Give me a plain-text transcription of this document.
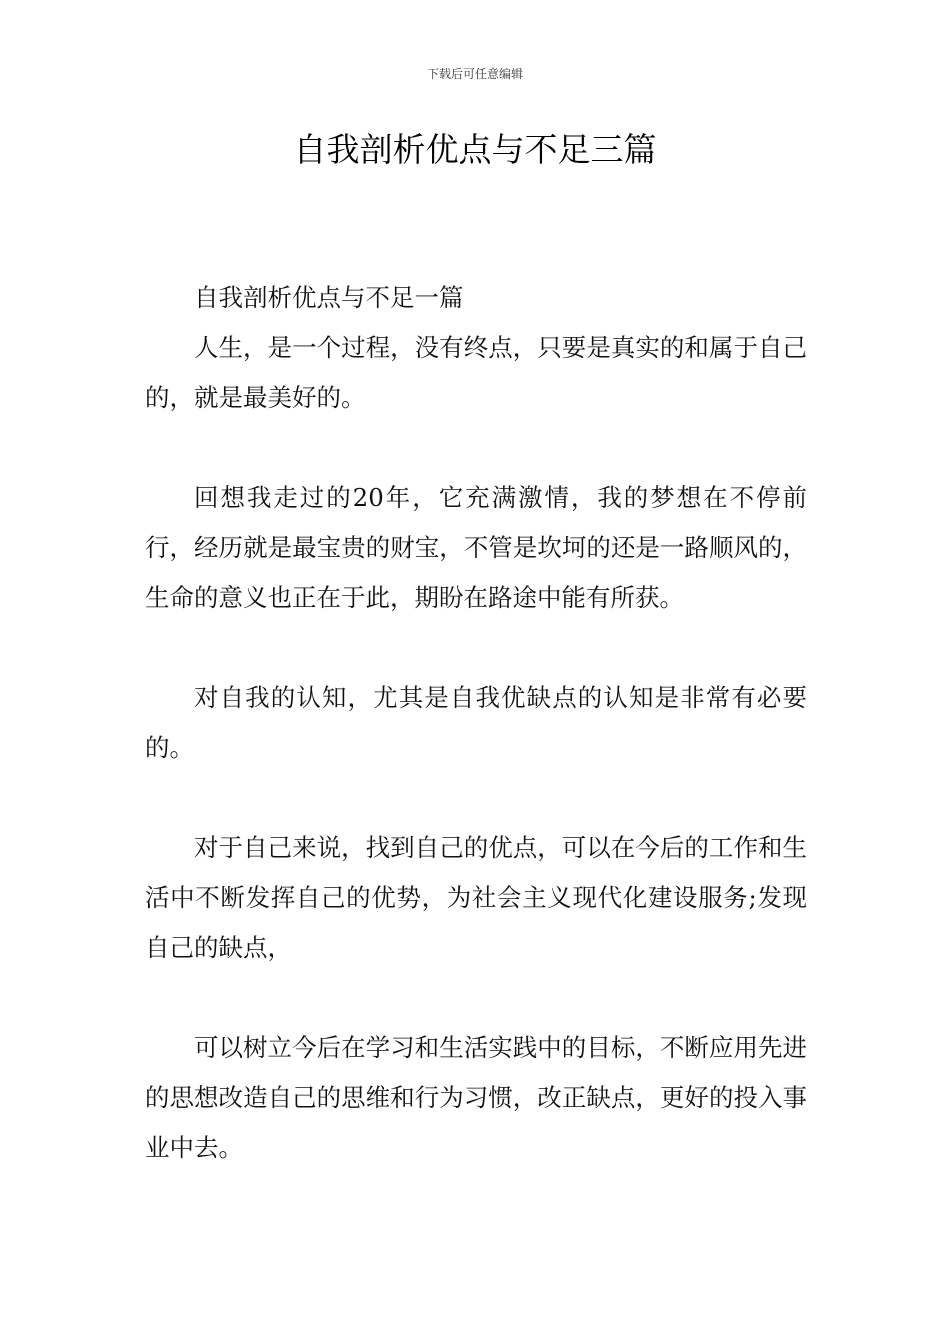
下载后可任意编辑
自我剖析优点与不足三篇

自我剖析优点与不足一篇

人生，是一个过程，没有终点，只要是真实的和属于自己的，就是最美好的。

回想我走过的20年，它充满激情，我的梦想在不停前行，经历就是最宝贵的财宝，不管是坎坷的还是一路顺风的，生命的意义也正在于此，期盼在路途中能有所获。

对自我的认知，尤其是自我优缺点的认知是非常有必要的。

对于自己来说，找到自己的优点，可以在今后的工作和生活中不断发挥自己的优势，为社会主义现代化建设服务;发现自己的缺点，

可以树立今后在学习和生活实践中的目标，不断应用先进的思想改造自己的思维和行为习惯，改正缺点，更好的投入事业中去。
